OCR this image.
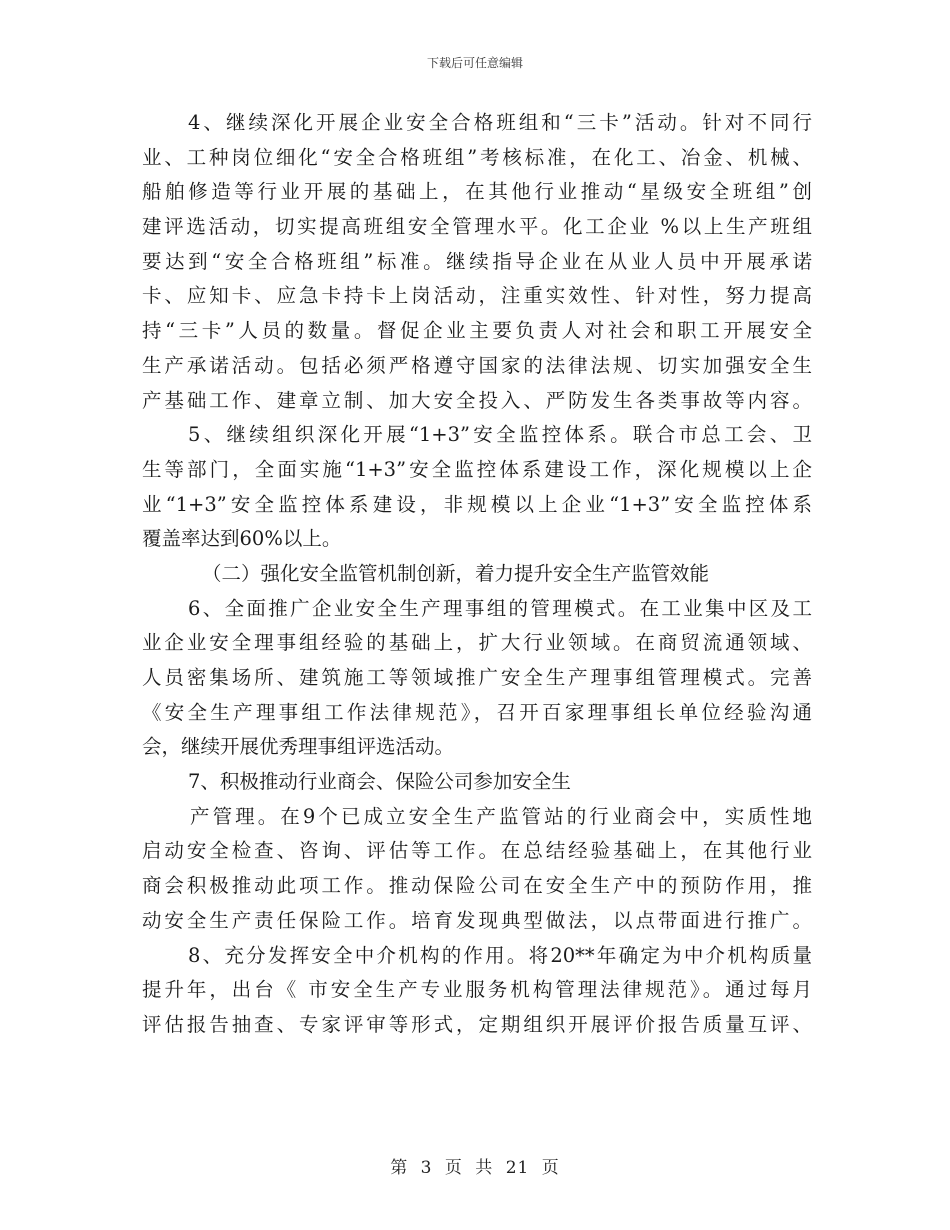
下载后可任意编辑
4、继续深化开展企业安全合格班组和“三卡”活动。针对不同行
业、工种岗位细化“安全合格班组”考核标准，在化工、冶金、机械、
船舶修造等行业开展的基础上，在其他行业推动“星级安全班组”创
建评选活动，切实提高班组安全管理水平。化工企业 %以上生产班组
要达到“安全合格班组”标准。继续指导企业在从业人员中开展承诺
卡、应知卡、应急卡持卡上岗活动，注重实效性、针对性，努力提高
持“三卡”人员的数量。督促企业主要负责人对社会和职工开展安全
生产承诺活动。包括必须严格遵守国家的法律法规、切实加强安全生
产基础工作、建章立制、加大安全投入、严防发生各类事故等内容。
5、继续组织深化开展“1+3”安全监控体系。联合市总工会、卫
生等部门，全面实施“1+3”安全监控体系建设工作，深化规模以上企
业“1+3”安全监控体系建设，非规模以上企业“1+3”安全监控体系
覆盖率达到60%以上。
（二）强化安全监管机制创新，着力提升安全生产监管效能
6、全面推广企业安全生产理事组的管理模式。在工业集中区及工
业企业安全理事组经验的基础上，扩大行业领域。在商贸流通领域、
人员密集场所、建筑施工等领域推广安全生产理事组管理模式。完善
《安全生产理事组工作法律规范》，召开百家理事组长单位经验沟通
会，继续开展优秀理事组评选活动。
7、积极推动行业商会、保险公司参加安全生
产管理。在9个已成立安全生产监管站的行业商会中，实质性地
启动安全检查、咨询、评估等工作。在总结经验基础上，在其他行业
商会积极推动此项工作。推动保险公司在安全生产中的预防作用，推
动安全生产责任保险工作。培育发现典型做法，以点带面进行推广。
8、充分发挥安全中介机构的作用。将20**年确定为中介机构质量
提升年，出台《 市安全生产专业服务机构管理法律规范》。通过每月
评估报告抽查、专家评审等形式，定期组织开展评价报告质量互评、
第 3 页 共 21 页
